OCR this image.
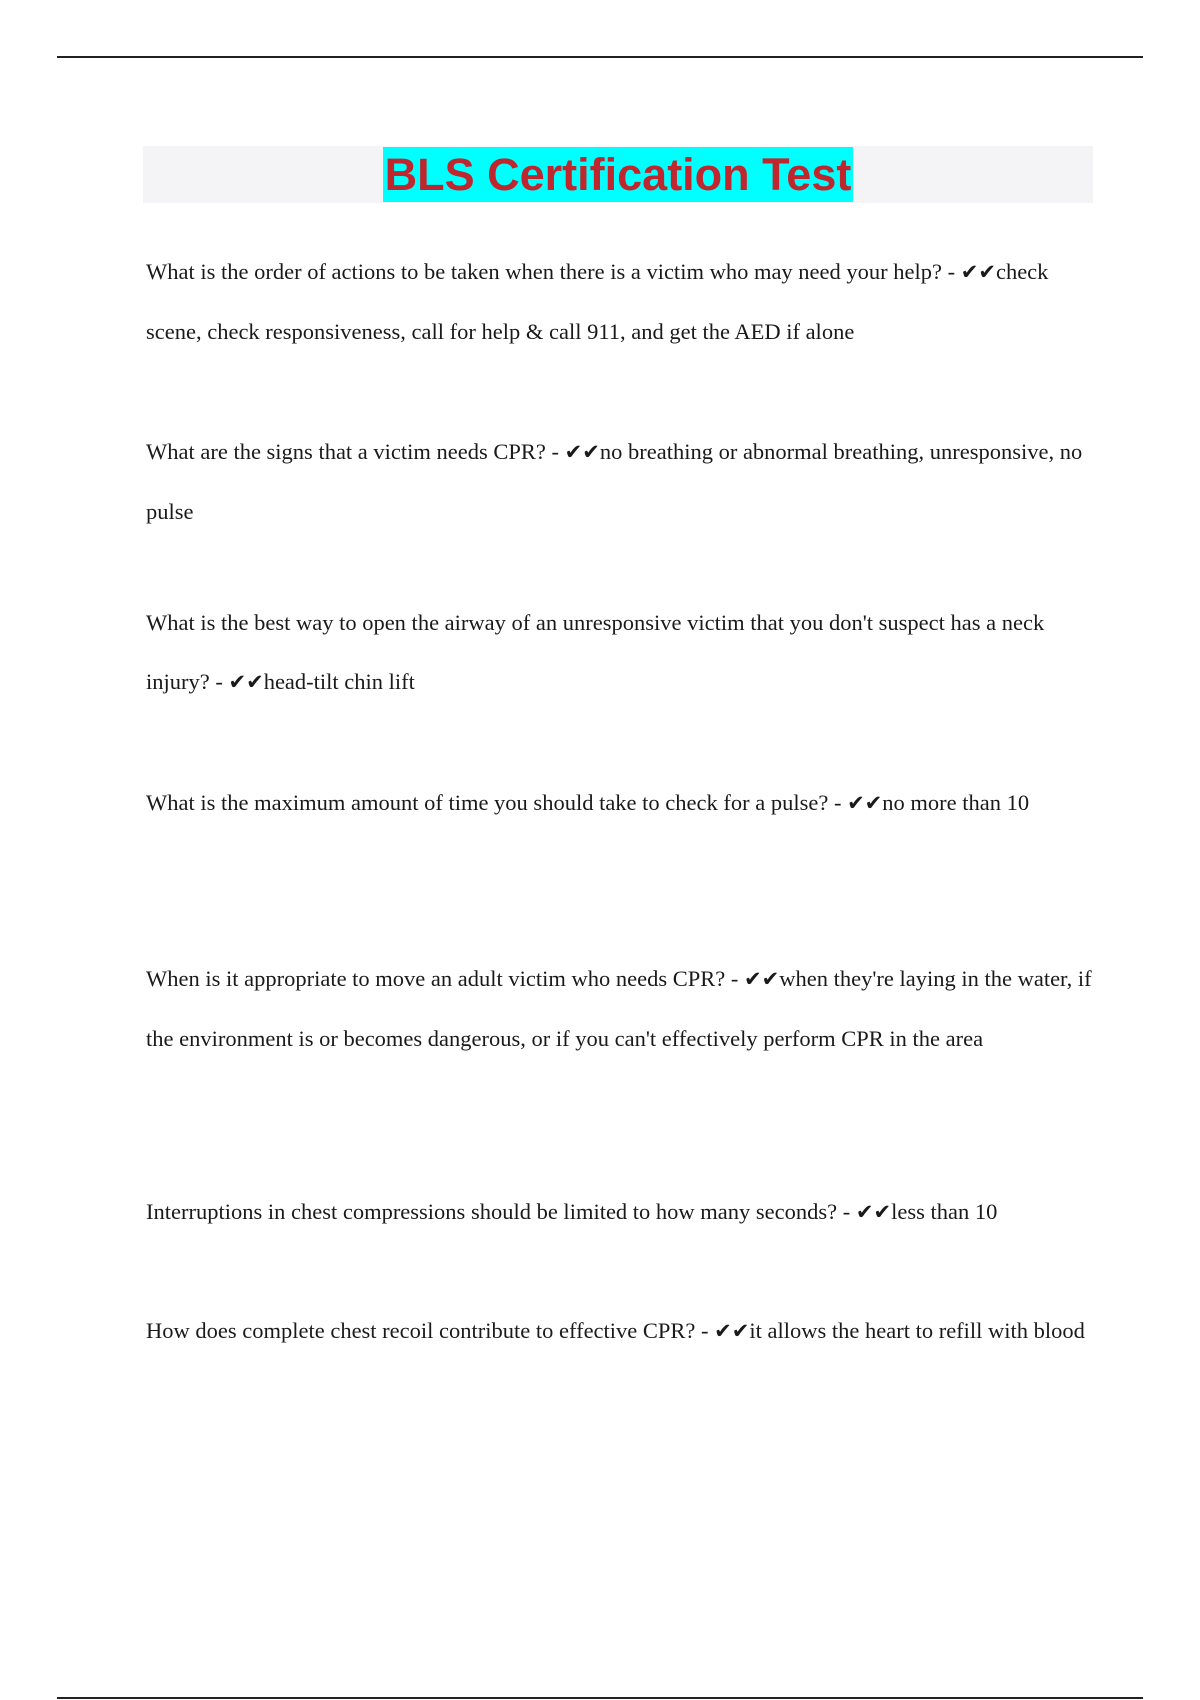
BLS Certification Test

What is the order of actions to be taken when there is a victim who may need your help? - ✔✔check scene, check responsiveness, call for help & call 911, and get the AED if alone

What are the signs that a victim needs CPR? - ✔✔no breathing or abnormal breathing, unresponsive, no pulse

What is the best way to open the airway of an unresponsive victim that you don't suspect has a neck injury? - ✔✔head-tilt chin lift

What is the maximum amount of time you should take to check for a pulse? - ✔✔no more than 10

When is it appropriate to move an adult victim who needs CPR? - ✔✔when they're laying in the water, if the environment is or becomes dangerous, or if you can't effectively perform CPR in the area

Interruptions in chest compressions should be limited to how many seconds? - ✔✔less than 10

How does complete chest recoil contribute to effective CPR? - ✔✔it allows the heart to refill with blood
